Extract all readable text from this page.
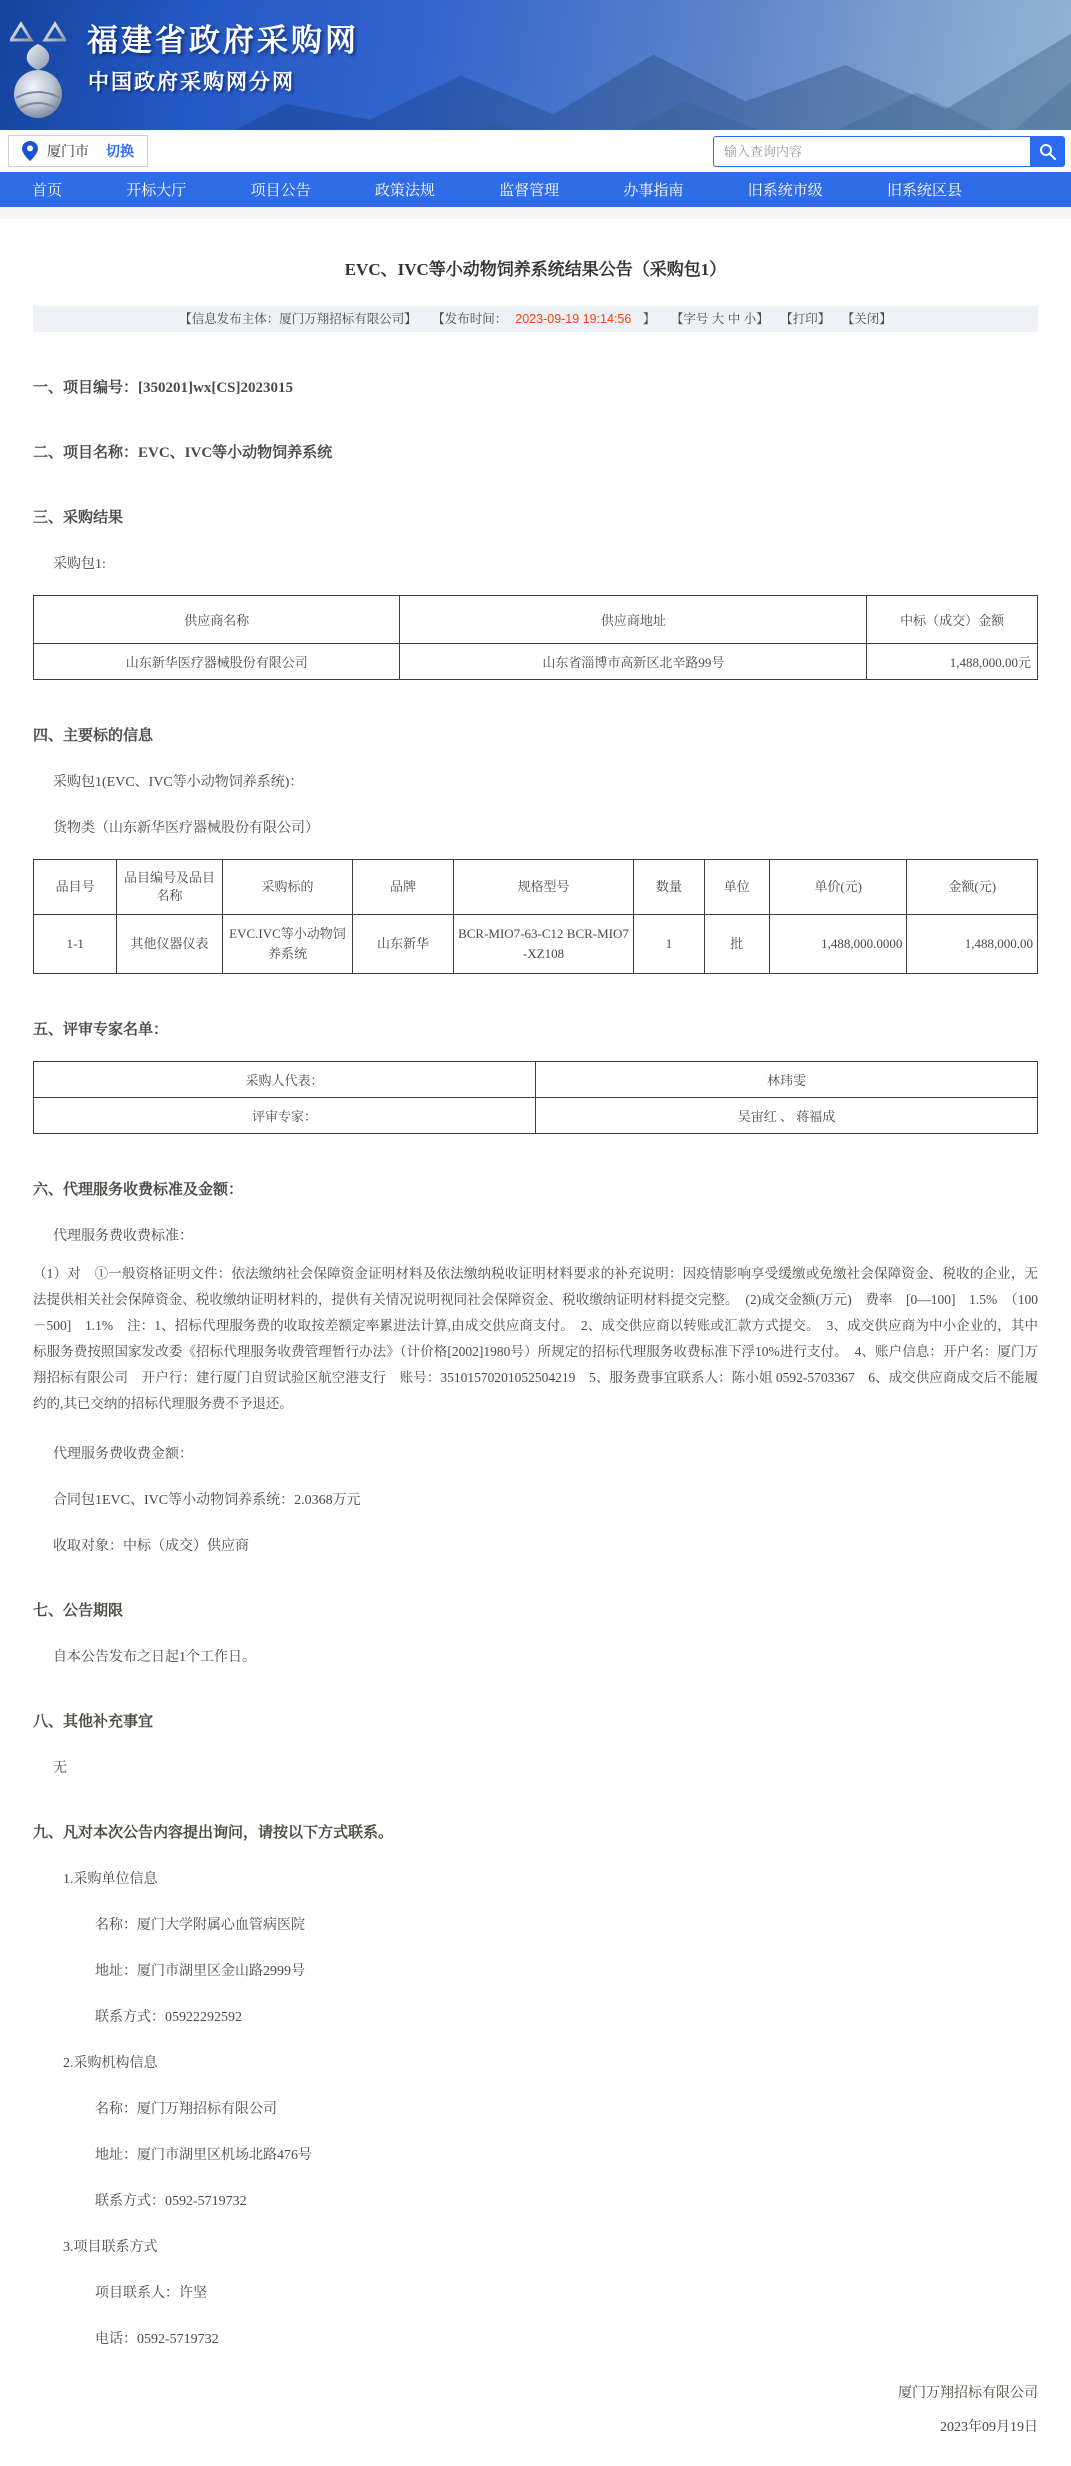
福建省政府采购网
中国政府采购网分网
厦门市 切换
输入查询内容
首页	开标大厅	项目公告	政策法规	监督管理	办事指南	旧系统市级	旧系统区县
EVC、IVC等小动物饲养系统结果公告（采购包1）
【信息发布主体：厦门万翔招标有限公司】 【发布时间： 2023-09-19 19:14:56 】 【字号 大 中 小】 【打印】 【关闭】
一、项目编号：[350201]wx[CS]2023015
二、项目名称：EVC、IVC等小动物饲养系统
三、采购结果
采购包1:
供应商名称	供应商地址	中标（成交）金额
山东新华医疗器械股份有限公司	山东省淄博市高新区北辛路99号	1,488,000.00元
四、主要标的信息
采购包1(EVC、IVC等小动物饲养系统)：
货物类（山东新华医疗器械股份有限公司）
品目号	品目编号及品目名称	采购标的	品牌	规格型号	数量	单位	单价(元)	金额(元)
1-1	其他仪器仪表	EVC.IVC等小动物饲养系统	山东新华	BCR-MIO7-63-C12 BCR-MIO7-XZ108	1	批	1,488,000.0000	1,488,000.00
五、评审专家名单：
采购人代表：	林玮雯
评审专家：	吴宙红 、 蒋福成
六、代理服务收费标准及金额：
代理服务费收费标准：
（1）对　①一般资格证明文件：依法缴纳社会保障资金证明材料及依法缴纳税收证明材料要求的补充说明：因疫情影响享受缓缴或免缴社会保障资金、税收的企业，无法提供相关社会保障资金、税收缴纳证明材料的，提供有关情况说明视同社会保障资金、税收缴纳证明材料提交完整。　(2)成交金额(万元)　费率　[0—100]　1.5%　（100－500]　1.1%　注：1、招标代理服务费的收取按差额定率累进法计算,由成交供应商支付。　2、成交供应商以转账或汇款方式提交。　3、成交供应商为中小企业的，其中标服务费按照国家发改委《招标代理服务收费管理暂行办法》（计价格[2002]1980号）所规定的招标代理服务收费标准下浮10%进行支付。　4、账户信息：开户名：厦门万翔招标有限公司　开户行：建行厦门自贸试验区航空港支行　账号：35101570201052504219　5、服务费事宜联系人：陈小姐 0592-5703367　6、成交供应商成交后不能履约的,其已交纳的招标代理服务费不予退还。
代理服务费收费金额：
合同包1EVC、IVC等小动物饲养系统：2.0368万元
收取对象：中标（成交）供应商
七、公告期限
自本公告发布之日起1个工作日。
八、其他补充事宜
无
九、凡对本次公告内容提出询问，请按以下方式联系。
1.采购单位信息
名称：厦门大学附属心血管病医院
地址：厦门市湖里区金山路2999号
联系方式：05922292592
2.采购机构信息
名称：厦门万翔招标有限公司
地址：厦门市湖里区机场北路476号
联系方式：0592-5719732
3.项目联系方式
项目联系人：许坚
电话：0592-5719732
厦门万翔招标有限公司
2023年09月19日
